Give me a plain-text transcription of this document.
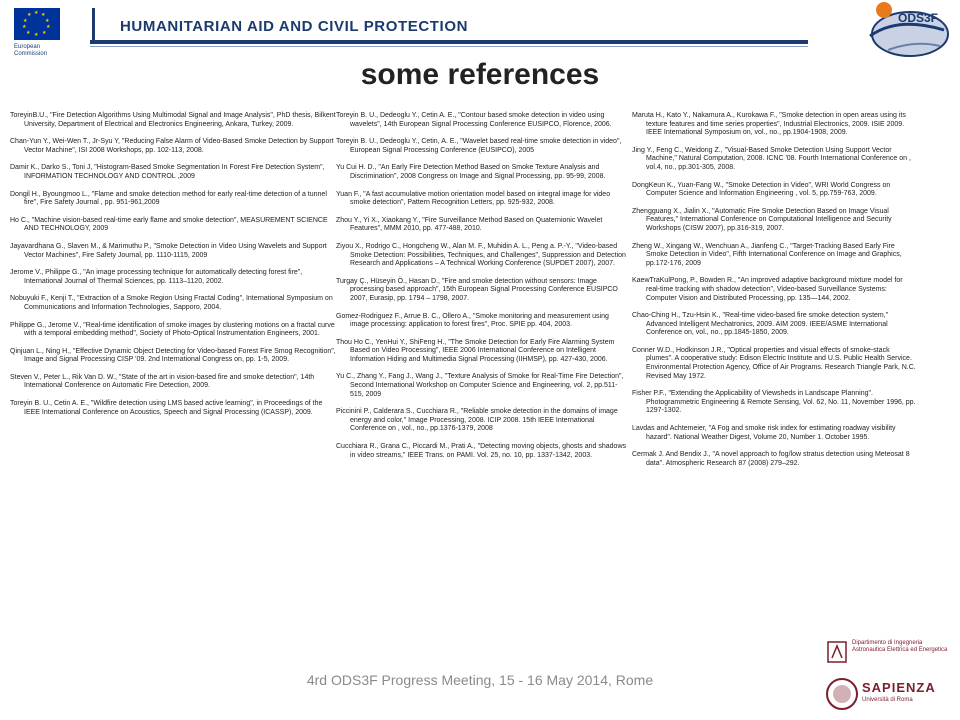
★ ★
★
★
★
★
★
★
★
★
European Commission
HUMANITARIAN AID AND CIVIL PROTECTION	ODS3F
some references

ToreyinB.U., "Fire Detection Algorithms Using Multimodal Signal and Image Analysis", PhD thesis, Bilkent University, Department of Electrical and Electronics Engineering, Ankara, Turkey, 2009.

Chan-Yun Y., Wei-Wen T., Jr-Syu Y, "Reducing False Alarm of Video-Based Smoke Detection by Support Vector Machine", ISI 2008 Workshops, pp. 102-113, 2008.

Damir K., Darko S., Toni J, "Histogram-Based Smoke Segmentation In Forest Fire Detection System", INFORMATION TECHNOLOGY AND CONTROL ,2009

Dongil H., Byoungmoo L., "Flame and smoke detection method for early real-time detection of a tunnel fire", Fire Safety Journal , pp. 951-961,2009

Ho C., "Machine vision-based real-time early flame and smoke detection", MEASUREMENT SCIENCE AND TECHNOLOGY, 2009

Jayavardhana G., Slaven M., & Marimuthu P., "Smoke Detection in Video Using Wavelets and Support Vector Machines", Fire Safety Journal, pp. 1110-1115, 2009

Jerome V., Philippe G., "An image processing technique for automatically detecting forest fire", International Journal of Thermal Sciences, pp. 1113–1120, 2002.

Nobuyuki F., Kenji T., "Extraction of a Smoke Region Using Fractal Coding", International Symposium on Communications and Information Technologies, Sapporo, 2004.

Philippe G., Jerome V., "Real-time identification of smoke images by clustering motions on a fractal curve with a temporal embedding method", Society of Photo-Optical Instrumentation Engineers, 2001.

Qinjuan L., Ning H., "Effective Dynamic Object Detecting for Video-based Forest Fire Smog Recognition", Image and Signal Processing CISP '09. 2nd International Congress on, pp. 1-5, 2009.

Steven V., Peter L., Rik Van D. W., "State of the art in vision-based fire and smoke detection", 14th International Conference on Automatic Fire Detection, 2009.

Toreyin B. U., Cetin A. E., "Wildfire detection using LMS based active learning", in Proceedings of the IEEE International Conference on Acoustics, Speech and Signal Processing (ICASSP), 2009.

Toreyin B. U., Dedeoglu Y., Cetin A. E., "Contour based smoke detection in video using wavelets", 14th European Signal Processing Conference EUSIPCO, Florence, 2006.

Toreyin B. U., Dedeoglu Y., Cetin, A. E., "Wavelet based real-time smoke detection in video", European Signal Processing Conference (EUSIPCO), 2005

Yu Cui H. D., "An Early Fire Detection Method Based on Smoke Texture Analysis and Discrimination", 2008 Congress on Image and Signal Processing, pp. 95-99, 2008.

Yuan F., "A fast accumulative motion orientation model based on integral image for video smoke detection", Pattern Recognition Letters, pp. 925-932, 2008.

Zhou Y., Yi X., Xiaokang Y., "Fire Surveillance Method Based on Quaternionic Wavelet Features", MMM 2010, pp. 477-488, 2010.

Ziyou X., Rodrigo C., Hongcheng W., Alan M. F., Muhidin A. L., Peng a. P.-Y., "Video-based Smoke Detection: Possibilities, Techniques, and Challenges", Suppression and Detection Research and Applications – A Technical Working Conference (SUPDET 2007), 2007.

Turgay Ç., Hüseyin Ö., Hasan D., "Fire and smoke detection without sensors: Image processing based approach", 15th European Signal Processing Conference EUSIPCO 2007, Eurasip, pp. 1794 – 1798, 2007.

Gomez-Rodriguez F., Arrue B. C., Ollero A., "Smoke monitoring and measurement using image processing: application to forest fires", Proc. SPIE pp. 404, 2003.

Thou Ho C., YenHui Y., ShiFeng H., "The Smoke Detection for Early Fire Alarming System Based on Video Processing", IEEE 2006 International Conference on Intelligent Information Hiding and Multimedia Signal Processing (IIHMSP), pp. 427-430, 2006.

Yu C., Zhang Y., Fang J., Wang J., "Texture Analysis of Smoke for Real-Time Fire Detection", Second International Workshop on Computer Science and Engineering, vol. 2, pp.511-515, 2009

Piccinini P., Calderara S., Cucchiara R., "Reliable smoke detection in the domains of image energy and color," Image Processing, 2008. ICIP 2008. 15th IEEE International Conference on , vol., no., pp.1376-1379, 2008

Cucchiara R., Grana C., Piccardi M., Prati A., "Detecting moving objects, ghosts and shadows in video streams," IEEE Trans. on PAMI. Vol. 25, no. 10, pp. 1337-1342, 2003.

Maruta H., Kato Y., Nakamura A., Kurokawa F., "Smoke detection in open areas using its texture features and time series properties", Industrial Electronics, 2009. ISIE 2009. IEEE International Symposium on, vol., no., pp.1904-1908, 2009.

Jing Y., Feng C., Weidong Z., "Visual-Based Smoke Detection Using Support Vector Machine," Natural Computation, 2008. ICNC '08. Fourth International Conference on , vol.4, no., pp.301-305, 2008.

DongKeun K., Yuan-Fang W., "Smoke Detection in Video", WRI World Congress on Computer Science and Information Engineering , vol. 5, pp.759-763, 2009.

Zhengguang X., Jialin X., "Automatic Fire Smoke Detection Based on Image Visual Features," International Conference on Computational Intelligence and Security Workshops (CISW 2007), pp.316-319, 2007.

Zheng W., Xingang W., Wenchuan A., Jianfeng C., "Target-Tracking Based Early Fire Smoke Detection in Video", Fifth International Conference on Image and Graphics, pp.172-176, 2009

KaewTraKulPong, P., Bowden R., "An improved adaptive background mixture model for real-time tracking with shadow detection", Video-based Surveillance Systems: Computer Vision and Distributed Processing, pp. 135—144, 2002.

Chao-Ching H., Tzu-Hsin K., "Real-time video-based fire smoke detection system," Advanced Intelligent Mechatronics, 2009. AIM 2009. IEEE/ASME International Conference on, vol., no., pp.1845-1850, 2009.

Conner W.D., Hodkinson J.R., "Optical properties and visual effects of smoke-stack plumes". A cooperative study: Edison Electric Institute and U.S. Public Health Service. Environmental Protection Agency, Office of Air Programs. Research Triangle Park, N.C. Revised May 1972.

Fisher P.F., "Extending the Applicability of Viewsheds in Landscape Planning". Photogrammetric Engineering & Remote Sensing, Vol. 62, No. 11, November 1996, pp. 1297-1302.

Lavdas and Achtemeier, "A Fog and smoke risk index for estimating roadway visibility hazard". National Weather Digest, Volume 20, Number 1. October 1995.

Cermak J. And Bendix J., "A novel approach to fog/low stratus detection using Meteosat 8 data". Atmospheric Research 87 (2008) 279–292.

4rd ODS3F Progress Meeting, 15 - 16 May 2014, Rome
Dipartimento di Ingegneria Astronautica Elettrica ed Energetica
SAPIENZA
Università di Roma
